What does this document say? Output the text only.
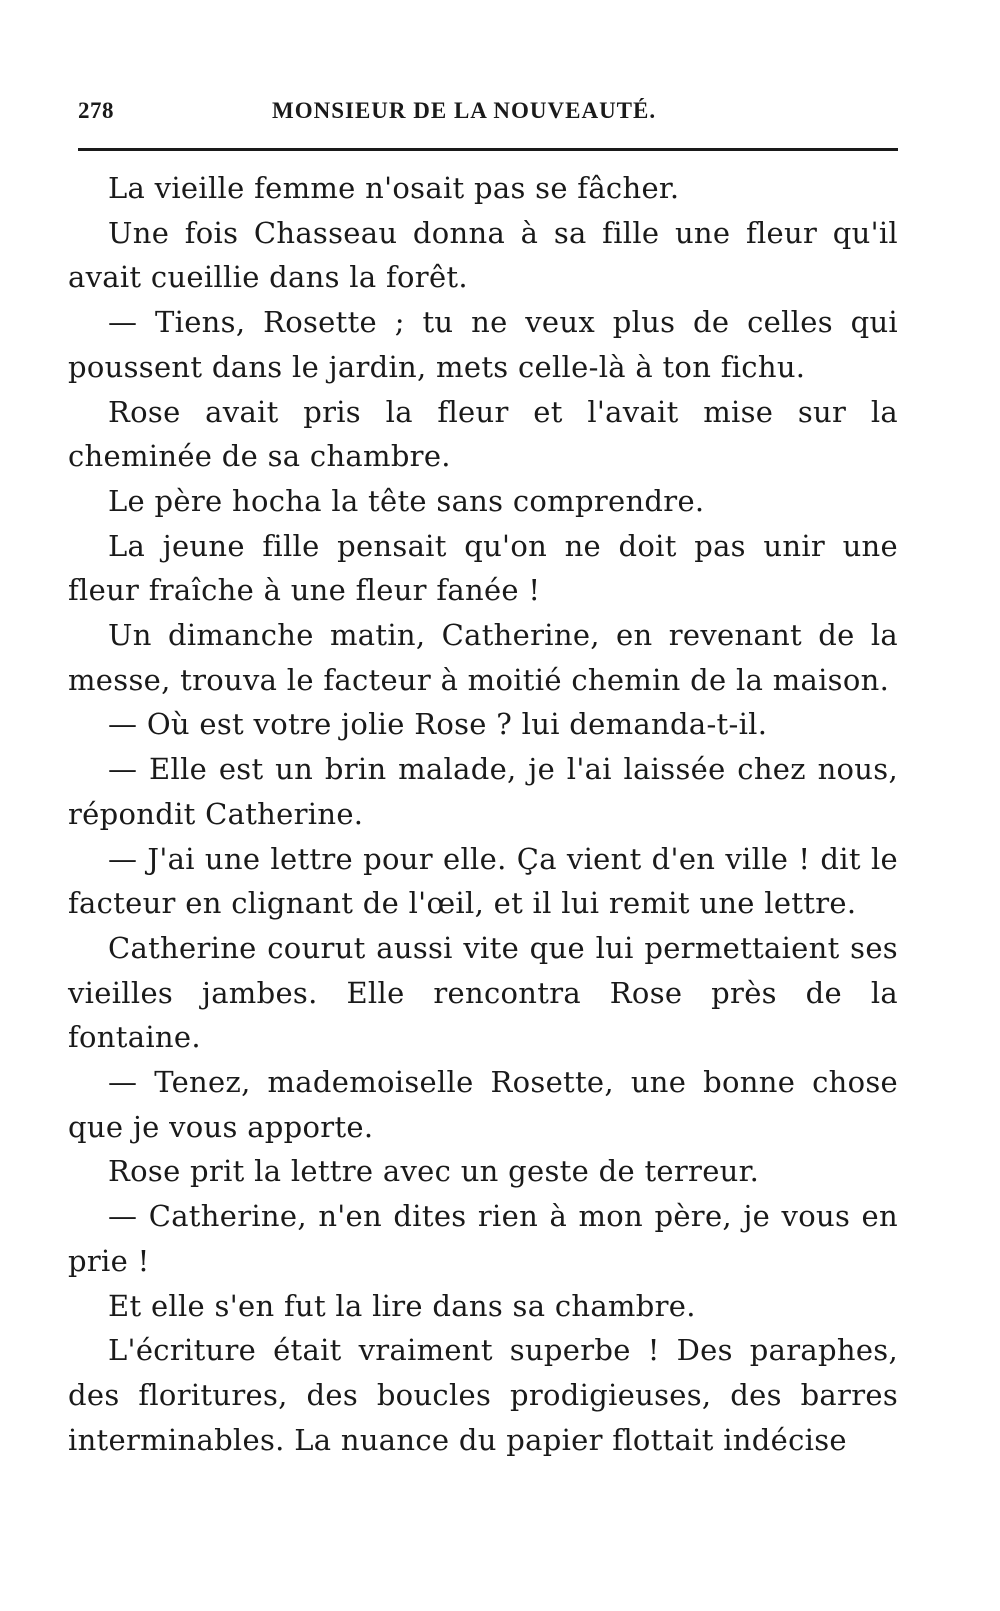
278	MONSIEUR DE LA NOUVEAUTÉ.

La vieille femme n'osait pas se fâcher.

Une fois Chasseau donna à sa fille une fleur qu'il avait cueillie dans la forêt.

— Tiens, Rosette ; tu ne veux plus de celles qui poussent dans le jardin, mets celle-là à ton fichu.

Rose avait pris la fleur et l'avait mise sur la cheminée de sa chambre.

Le père hocha la tête sans comprendre.

La jeune fille pensait qu'on ne doit pas unir une fleur fraîche à une fleur fanée !

Un dimanche matin, Catherine, en revenant de la messe, trouva le facteur à moitié chemin de la maison.

— Où est votre jolie Rose ? lui demanda-t-il.

— Elle est un brin malade, je l'ai laissée chez nous, répondit Catherine.

— J'ai une lettre pour elle. Ça vient d'en ville ! dit le facteur en clignant de l'œil, et il lui remit une lettre.

Catherine courut aussi vite que lui permettaient ses vieilles jambes. Elle rencontra Rose près de la fontaine.

— Tenez, mademoiselle Rosette, une bonne chose que je vous apporte.

Rose prit la lettre avec un geste de terreur.

— Catherine, n'en dites rien à mon père, je vous en prie !

Et elle s'en fut la lire dans sa chambre.

L'écriture était vraiment superbe ! Des paraphes, des floritures, des boucles prodigieuses, des barres interminables. La nuance du papier flottait indécise
